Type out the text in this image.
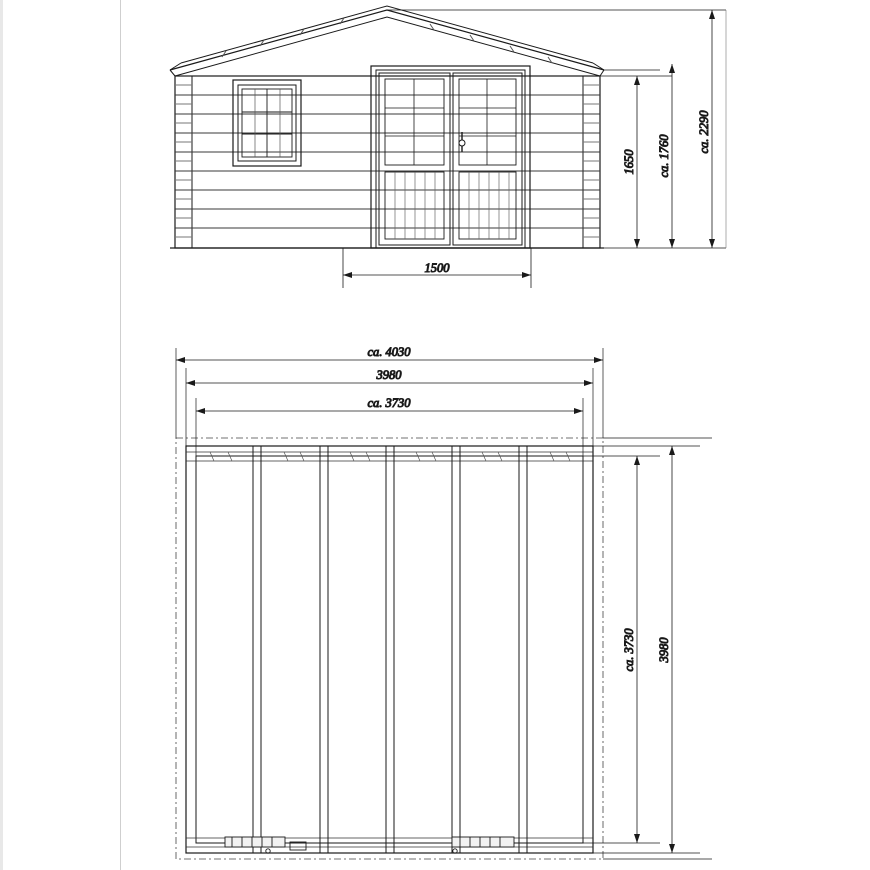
1500
1650 ca. 1760
ca. 2290
ca. 4030
3980
ca. 3730
ca. 3730 3980
